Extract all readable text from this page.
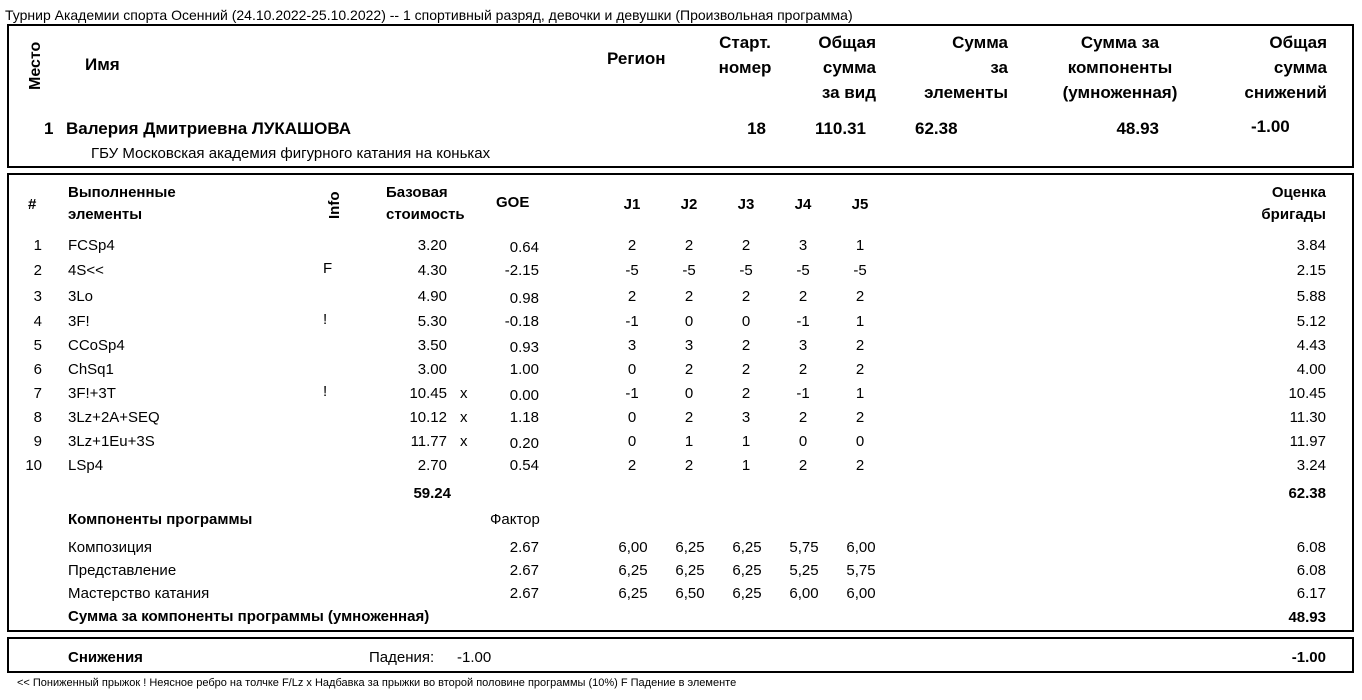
Турнир Академии спорта Осенний (24.10.2022-25.10.2022) -- 1 спортивный разряд, девочки и девушки (Произвольная программа)
Место Имя	Регион
Старт.
номер
Общая
сумма
за вид
Сумма
за
элементы
Сумма за
компоненты
(умноженная)
Общая
сумма
снижений
1 Валерия Дмитриевна ЛУКАШОВА	18	110.31	62.38	48.93	-1.00
ГБУ Московская академия фигурного катания на коньках
#
Выполненные
элементы	Info	Базовая
стоимость
GOE	J1	J2	J3	J4	J5
Оценка
бригады
1 FCSp4	3.20	0.64	2	2	2	3	1	3.84
2 4S<<	F	4.30	-2.15	-5	-5	-5	-5	-5	2.15
3 3Lo	4.90	0.98	2	2	2	2	2	5.88
4 3F!	!	5.30	-0.18	-1	0	0	-1	1	5.12
5 CCoSp4	3.50	0.93	3	3	2	3	2	4.43
6 ChSq1	3.00	1.00	0	2	2	2	2	4.00
7 3F!+3T	!	10.45 x	0.00	-1	0	2	-1	1	10.45
8 3Lz+2A+SEQ	10.12 x	1.18	0	2	3	2	2	11.30
9 3Lz+1Eu+3S	11.77 x	0.20	0	1	1	0	0	11.97
10 LSp4	2.70	0.54	2	2	1	2	2	3.24
59.24	62.38
Компоненты программы	Фактор
Композиция	2.67	6,00	6,25	6,25	5,75	6,00	6.08
Представление	2.67	6,25	6,25	6,25	5,25	5,75	6.08
Мастерство катания	2.67	6,25	6,50	6,25	6,00	6,00	6.17
Сумма за компоненты программы (умноженная)	48.93
Снижения	Падения: -1.00	-1.00
<< Пониженный прыжок ! Неясное ребро на толчке F/Lz x Надбавка за прыжки во второй половине программы (10%) F Падение в элементе
